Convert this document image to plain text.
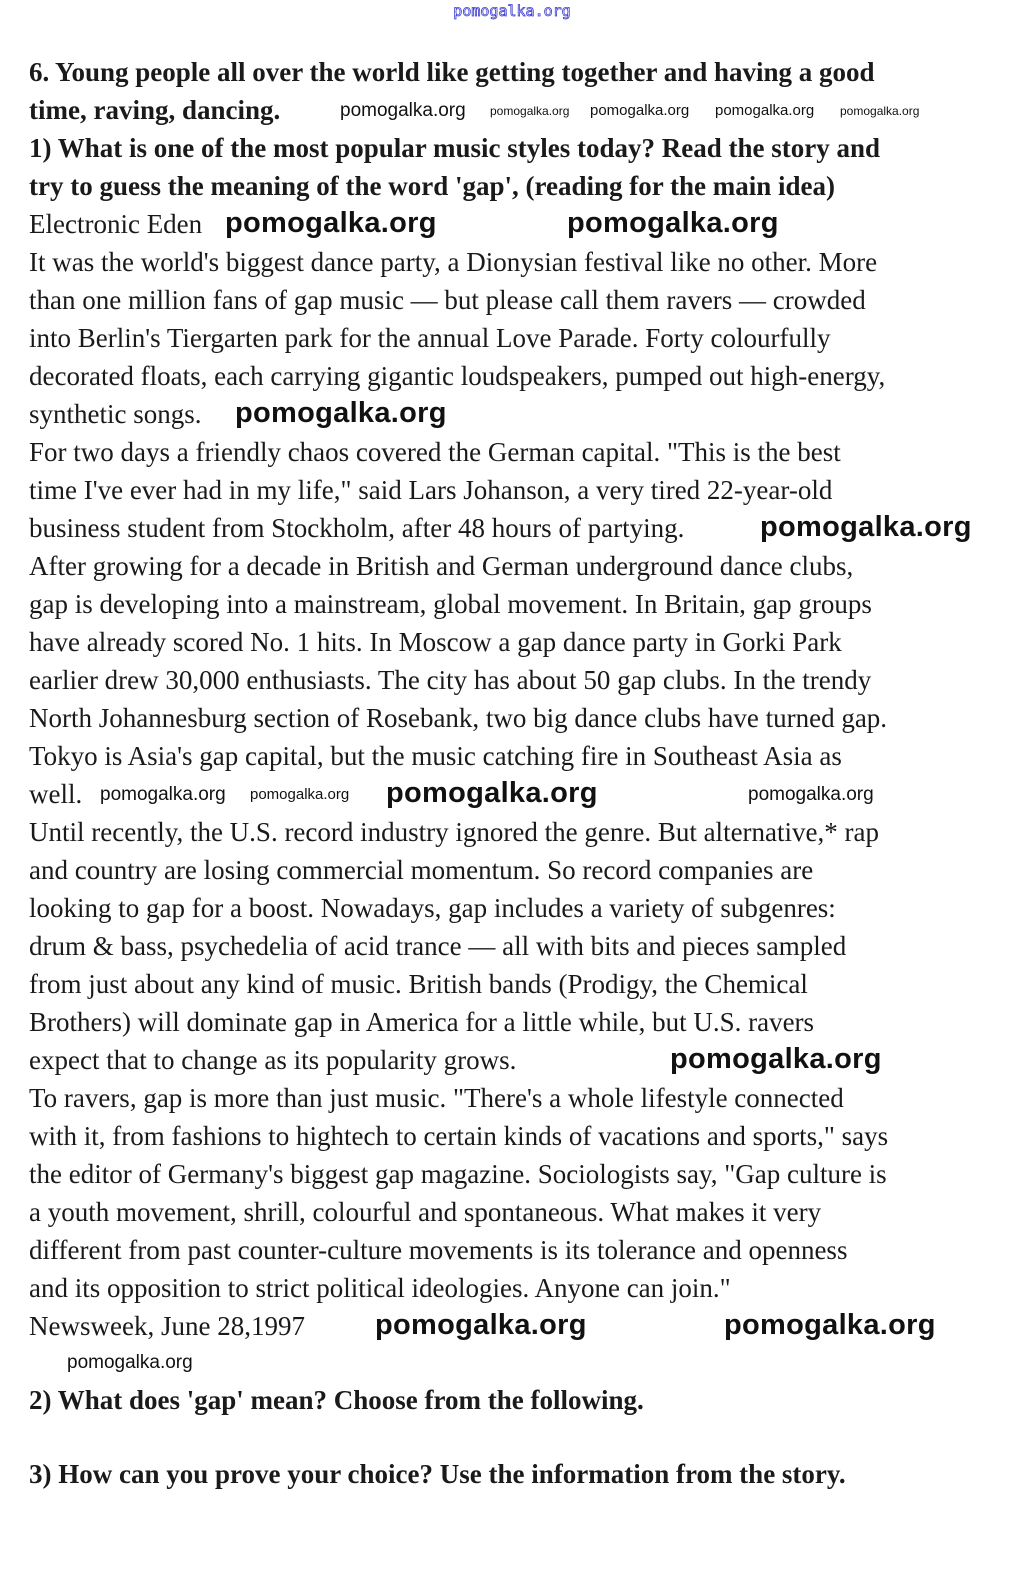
pomogalka.org
6. Young people all over the world like getting together and having a good
time, raving, dancing.
1) What is one of the most popular music styles today? Read the story and
try to guess the meaning of the word 'gap', (reading for the main idea)
Electronic Eden
It was the world's biggest dance party, a Dionysian festival like no other. More
than one million fans of gap music — but please call them ravers — crowded
into Berlin's Tiergarten park for the annual Love Parade. Forty colourfully
decorated floats, each carrying gigantic loudspeakers, pumped out high-energy,
synthetic songs.
For two days a friendly chaos covered the German capital. "This is the best
time I've ever had in my life," said Lars Johanson, a very tired 22-year-old
business student from Stockholm, after 48 hours of partying.
After growing for a decade in British and German underground dance clubs,
gap is developing into a mainstream, global movement. In Britain, gap groups
have already scored No. 1 hits. In Moscow a gap dance party in Gorki Park
earlier drew 30,000 enthusiasts. The city has about 50 gap clubs. In the trendy
North Johannesburg section of Rosebank, two big dance clubs have turned gap.
Tokyo is Asia's gap capital, but the music catching fire in Southeast Asia as
well.
Until recently, the U.S. record industry ignored the genre. But alternative,* rap
and country are losing commercial momentum. So record companies are
looking to gap for a boost. Nowadays, gap includes a variety of subgenres:
drum & bass, psychedelia of acid trance — all with bits and pieces sampled
from just about any kind of music. British bands (Prodigy, the Chemical
Brothers) will dominate gap in America for a little while, but U.S. ravers
expect that to change as its popularity grows.
To ravers, gap is more than just music. "There's a whole lifestyle connected
with it, from fashions to hightech to certain kinds of vacations and sports," says
the editor of Germany's biggest gap magazine. Sociologists say, "Gap culture is
a youth movement, shrill, colourful and spontaneous. What makes it very
different from past counter-culture movements is its tolerance and openness
and its opposition to strict political ideologies. Anyone can join."
Newsweek, June 28,1997
2) What does 'gap' mean? Choose from the following.
3) How can you prove your choice? Use the information from the story.
pomogalka.org pomogalka.org pomogalka.org pomogalka.org pomogalka.org
pomogalka.org	pomogalka.org
pomogalka.org
pomogalka.org
pomogalka.org pomogalka.org pomogalka.org	pomogalka.org
pomogalka.org
pomogalka.org	pomogalka.org
pomogalka.org
